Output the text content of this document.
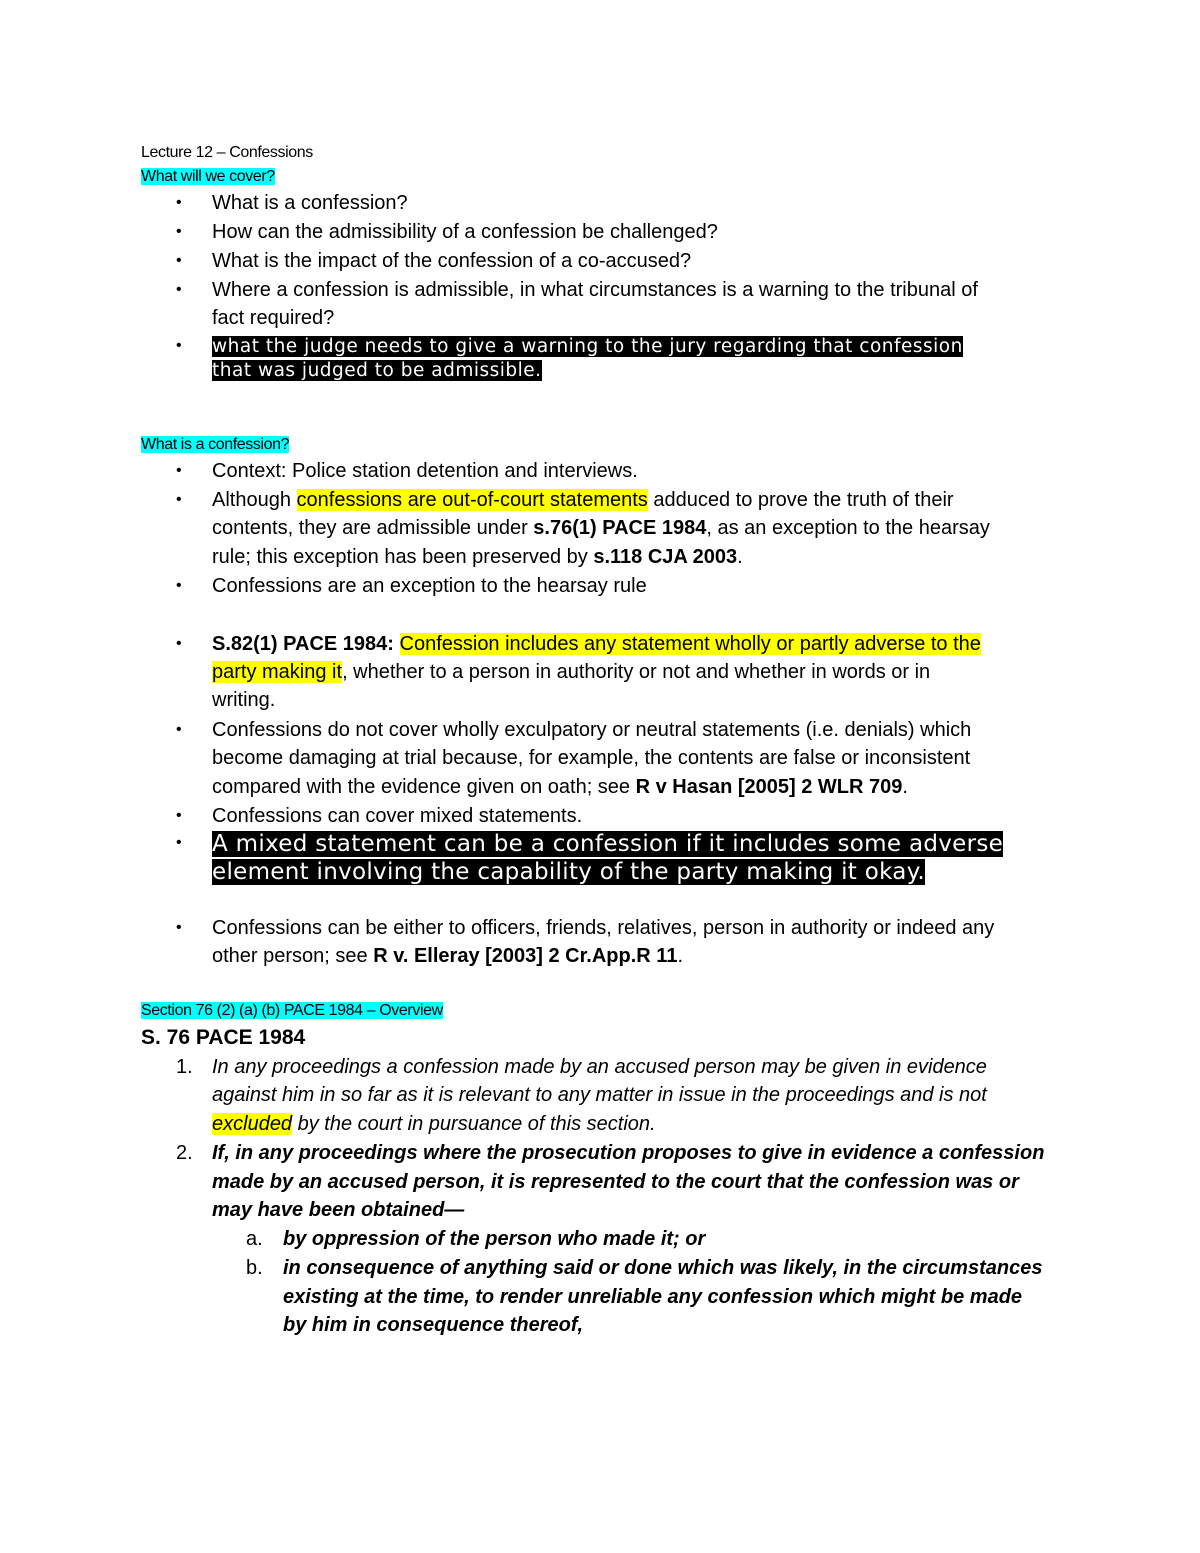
Lecture 12 – Confessions
What will we cover?
• What is a confession?
• How can the admissibility of a confession be challenged?
• What is the impact of the confession of a co-accused?
• Where a confession is admissible, in what circumstances is a warning to the tribunal of
fact required?
• what the judge needs to give a warning to the jury regarding that confession
that was judged to be admissible.
What is a confession?
• Context: Police station detention and interviews.
• Although confessions are out-of-court statements adduced to prove the truth of their
contents, they are admissible under s.76(1) PACE 1984, as an exception to the hearsay
rule; this exception has been preserved by s.118 CJA 2003.
• Confessions are an exception to the hearsay rule
• S.82(1) PACE 1984: Confession includes any statement wholly or partly adverse to the
party making it, whether to a person in authority or not and whether in words or in
writing.
• Confessions do not cover wholly exculpatory or neutral statements (i.e. denials) which
become damaging at trial because, for example, the contents are false or inconsistent
compared with the evidence given on oath; see R v Hasan [2005] 2 WLR 709.
• Confessions can cover mixed statements.
• A mixed statement can be a confession if it includes some adverse
element involving the capability of the party making it okay.
• Confessions can be either to officers, friends, relatives, person in authority or indeed any
other person; see R v. Elleray [2003] 2 Cr.App.R 11.
Section 76 (2) (a) (b) PACE 1984 – Overview
S. 76 PACE 1984
1. In any proceedings a confession made by an accused person may be given in evidence
against him in so far as it is relevant to any matter in issue in the proceedings and is not
excluded by the court in pursuance of this section.
2. If, in any proceedings where the prosecution proposes to give in evidence a confession
made by an accused person, it is represented to the court that the confession was or
may have been obtained—
a. by oppression of the person who made it; or
b. in consequence of anything said or done which was likely, in the circumstances
existing at the time, to render unreliable any confession which might be made
by him in consequence thereof,
